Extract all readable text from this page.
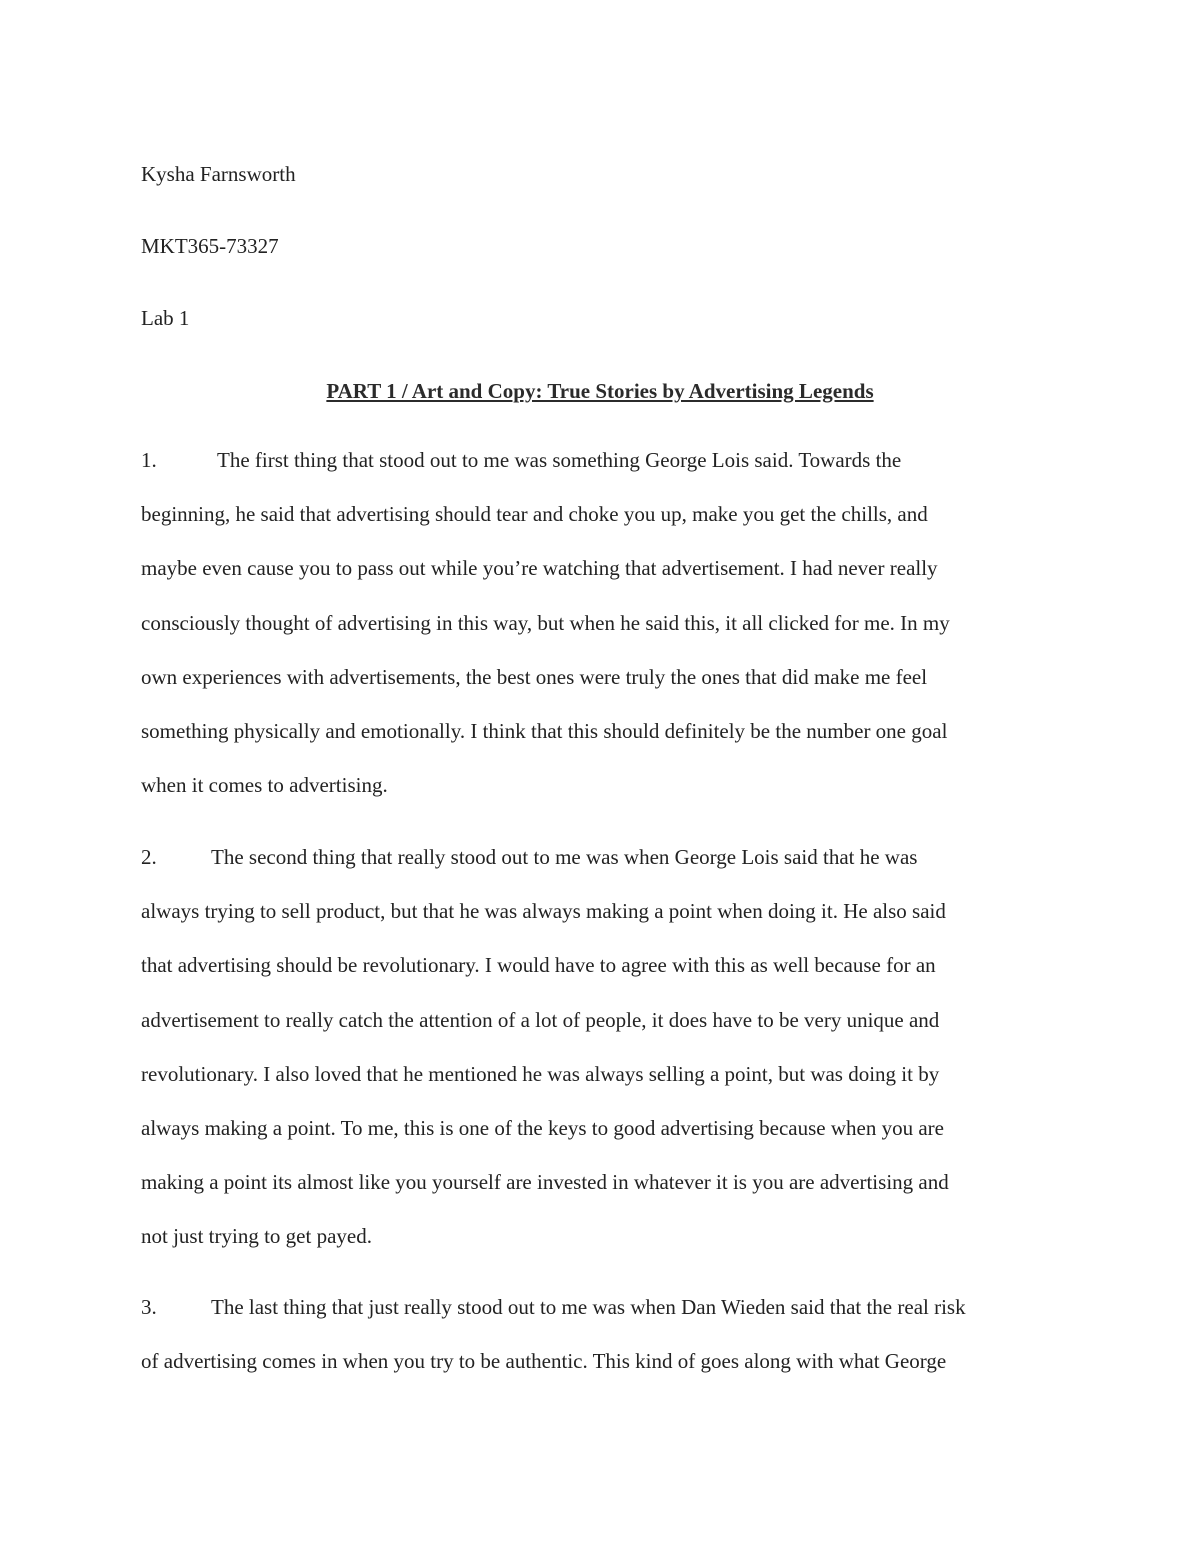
Kysha Farnsworth
MKT365-73327
Lab 1
PART 1 / Art and Copy: True Stories by Advertising Legends
1.	The first thing that stood out to me was something George Lois said. Towards the
beginning, he said that advertising should tear and choke you up, make you get the chills, and
maybe even cause you to pass out while you’re watching that advertisement. I had never really
consciously thought of advertising in this way, but when he said this, it all clicked for me. In my
own experiences with advertisements, the best ones were truly the ones that did make me feel
something physically and emotionally. I think that this should definitely be the number one goal
when it comes to advertising.
2.	The second thing that really stood out to me was when George Lois said that he was
always trying to sell product, but that he was always making a point when doing it. He also said
that advertising should be revolutionary. I would have to agree with this as well because for an
advertisement to really catch the attention of a lot of people, it does have to be very unique and
revolutionary. I also loved that he mentioned he was always selling a point, but was doing it by
always making a point. To me, this is one of the keys to good advertising because when you are
making a point its almost like you yourself are invested in whatever it is you are advertising and
not just trying to get payed.
3.	The last thing that just really stood out to me was when Dan Wieden said that the real risk
of advertising comes in when you try to be authentic. This kind of goes along with what George
